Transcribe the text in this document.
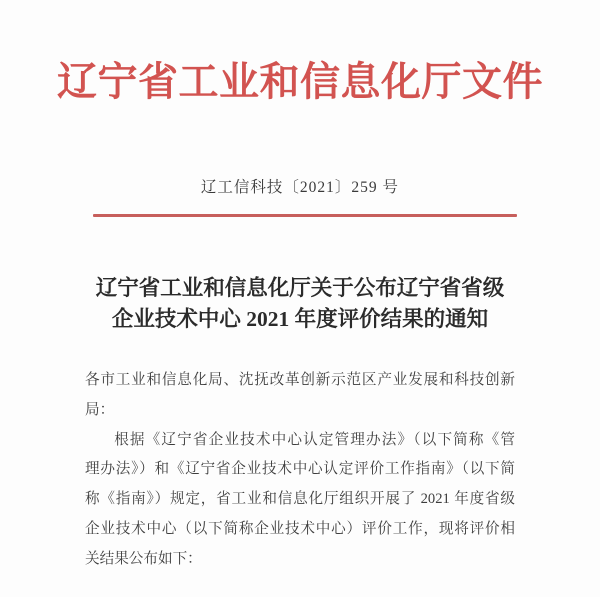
辽宁省工业和信息化厅文件
辽工信科技〔2021〕259 号
辽宁省工业和信息化厅关于公布辽宁省省级
企业技术中心 2021 年度评价结果的通知
各市工业和信息化局、沈抚改革创新示范区产业发展和科技创新
局：
根据《辽宁省企业技术中心认定管理办法》（以下简称《管
理办法》）和《辽宁省企业技术中心认定评价工作指南》（以下简
称《指南》）规定，省工业和信息化厅组织开展了 2021 年度省级
企业技术中心（以下简称企业技术中心）评价工作，现将评价相
关结果公布如下：
